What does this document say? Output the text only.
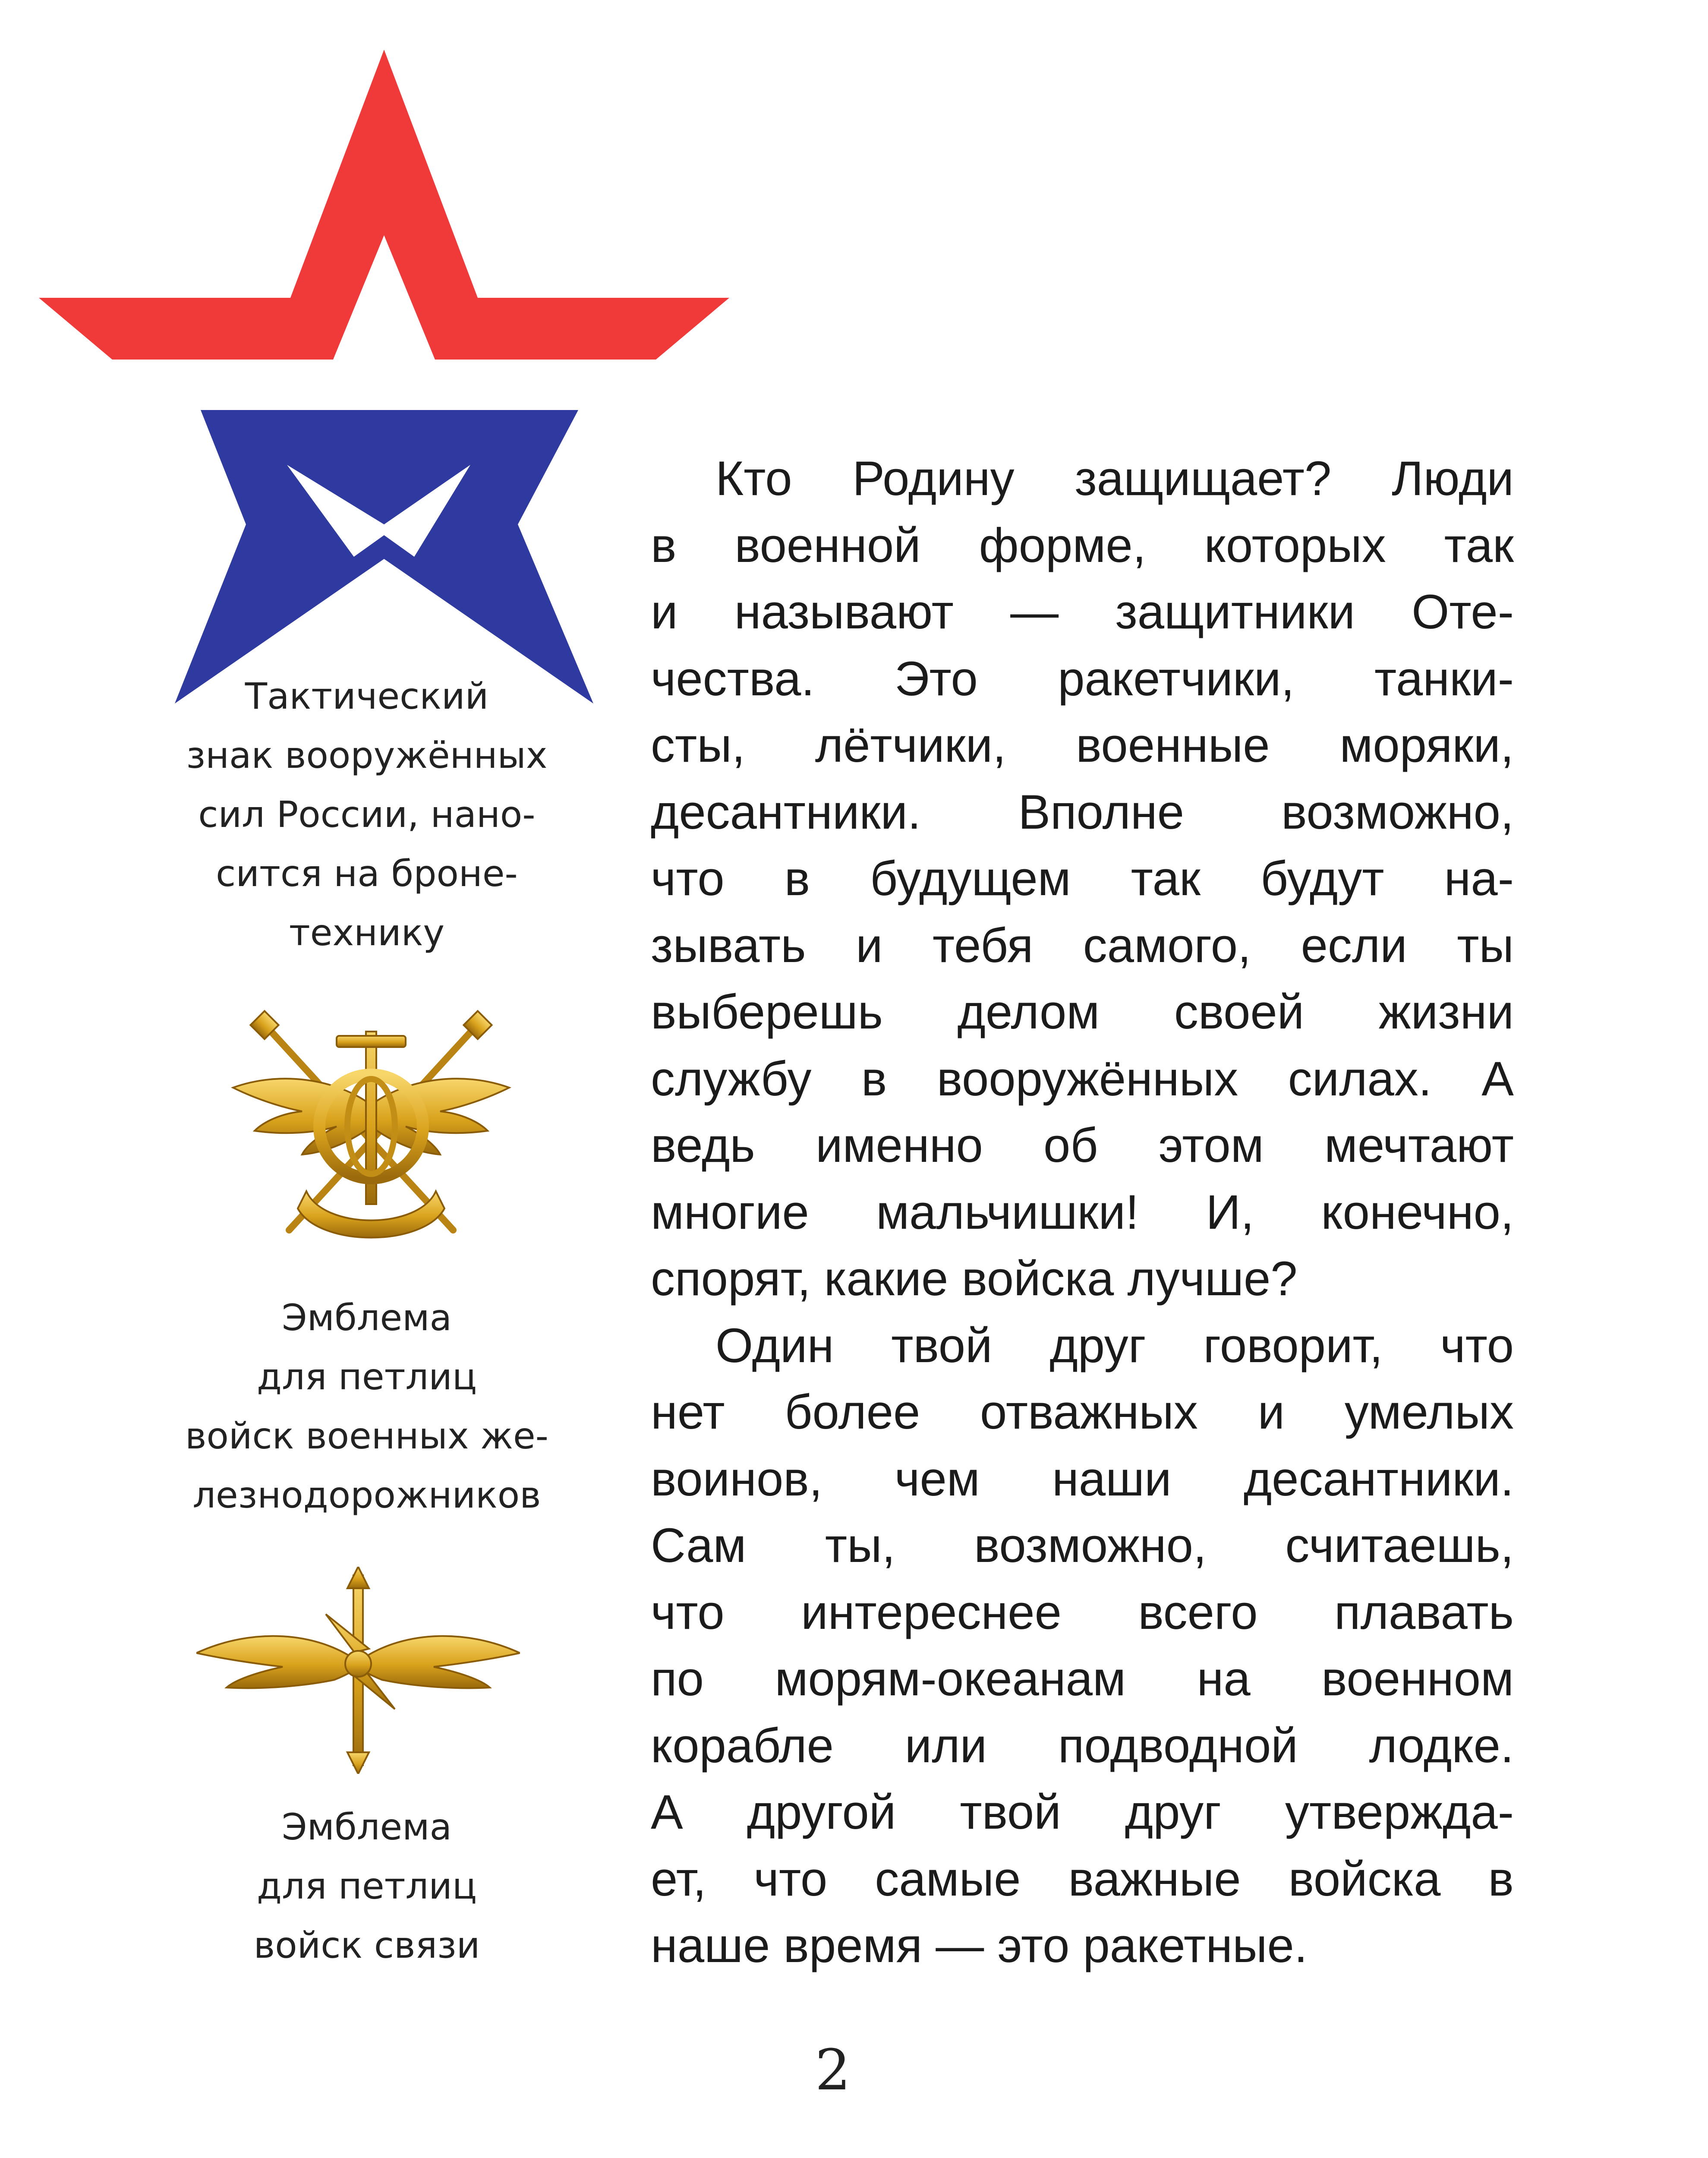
Тактический
знак вооружённых
сил России, нано-
сится на броне-
технику
Эмблема
для петлиц
войск военных же-
лезнодорожников
Эмблема
для петлиц
войск связи
Кто Родину защищает? Люди
в военной форме, которых так
и называют — защитники Оте-
чества. Это ракетчики, танки-
сты, лётчики, военные моряки,
десантники. Вполне возможно,
что в будущем так будут на-
зывать и тебя самого, если ты
выберешь делом своей жизни
службу в вооружённых силах. А
ведь именно об этом мечтают
многие мальчишки! И, конечно,
спорят, какие войска лучше?
Один твой друг говорит, что
нет более отважных и умелых
воинов, чем наши десантники.
Сам ты, возможно, считаешь,
что интереснее всего плавать
по морям-океанам на военном
корабле или подводной лодке.
А другой твой друг утвержда-
ет, что самые важные войска в
наше время — это ракетные.
2
